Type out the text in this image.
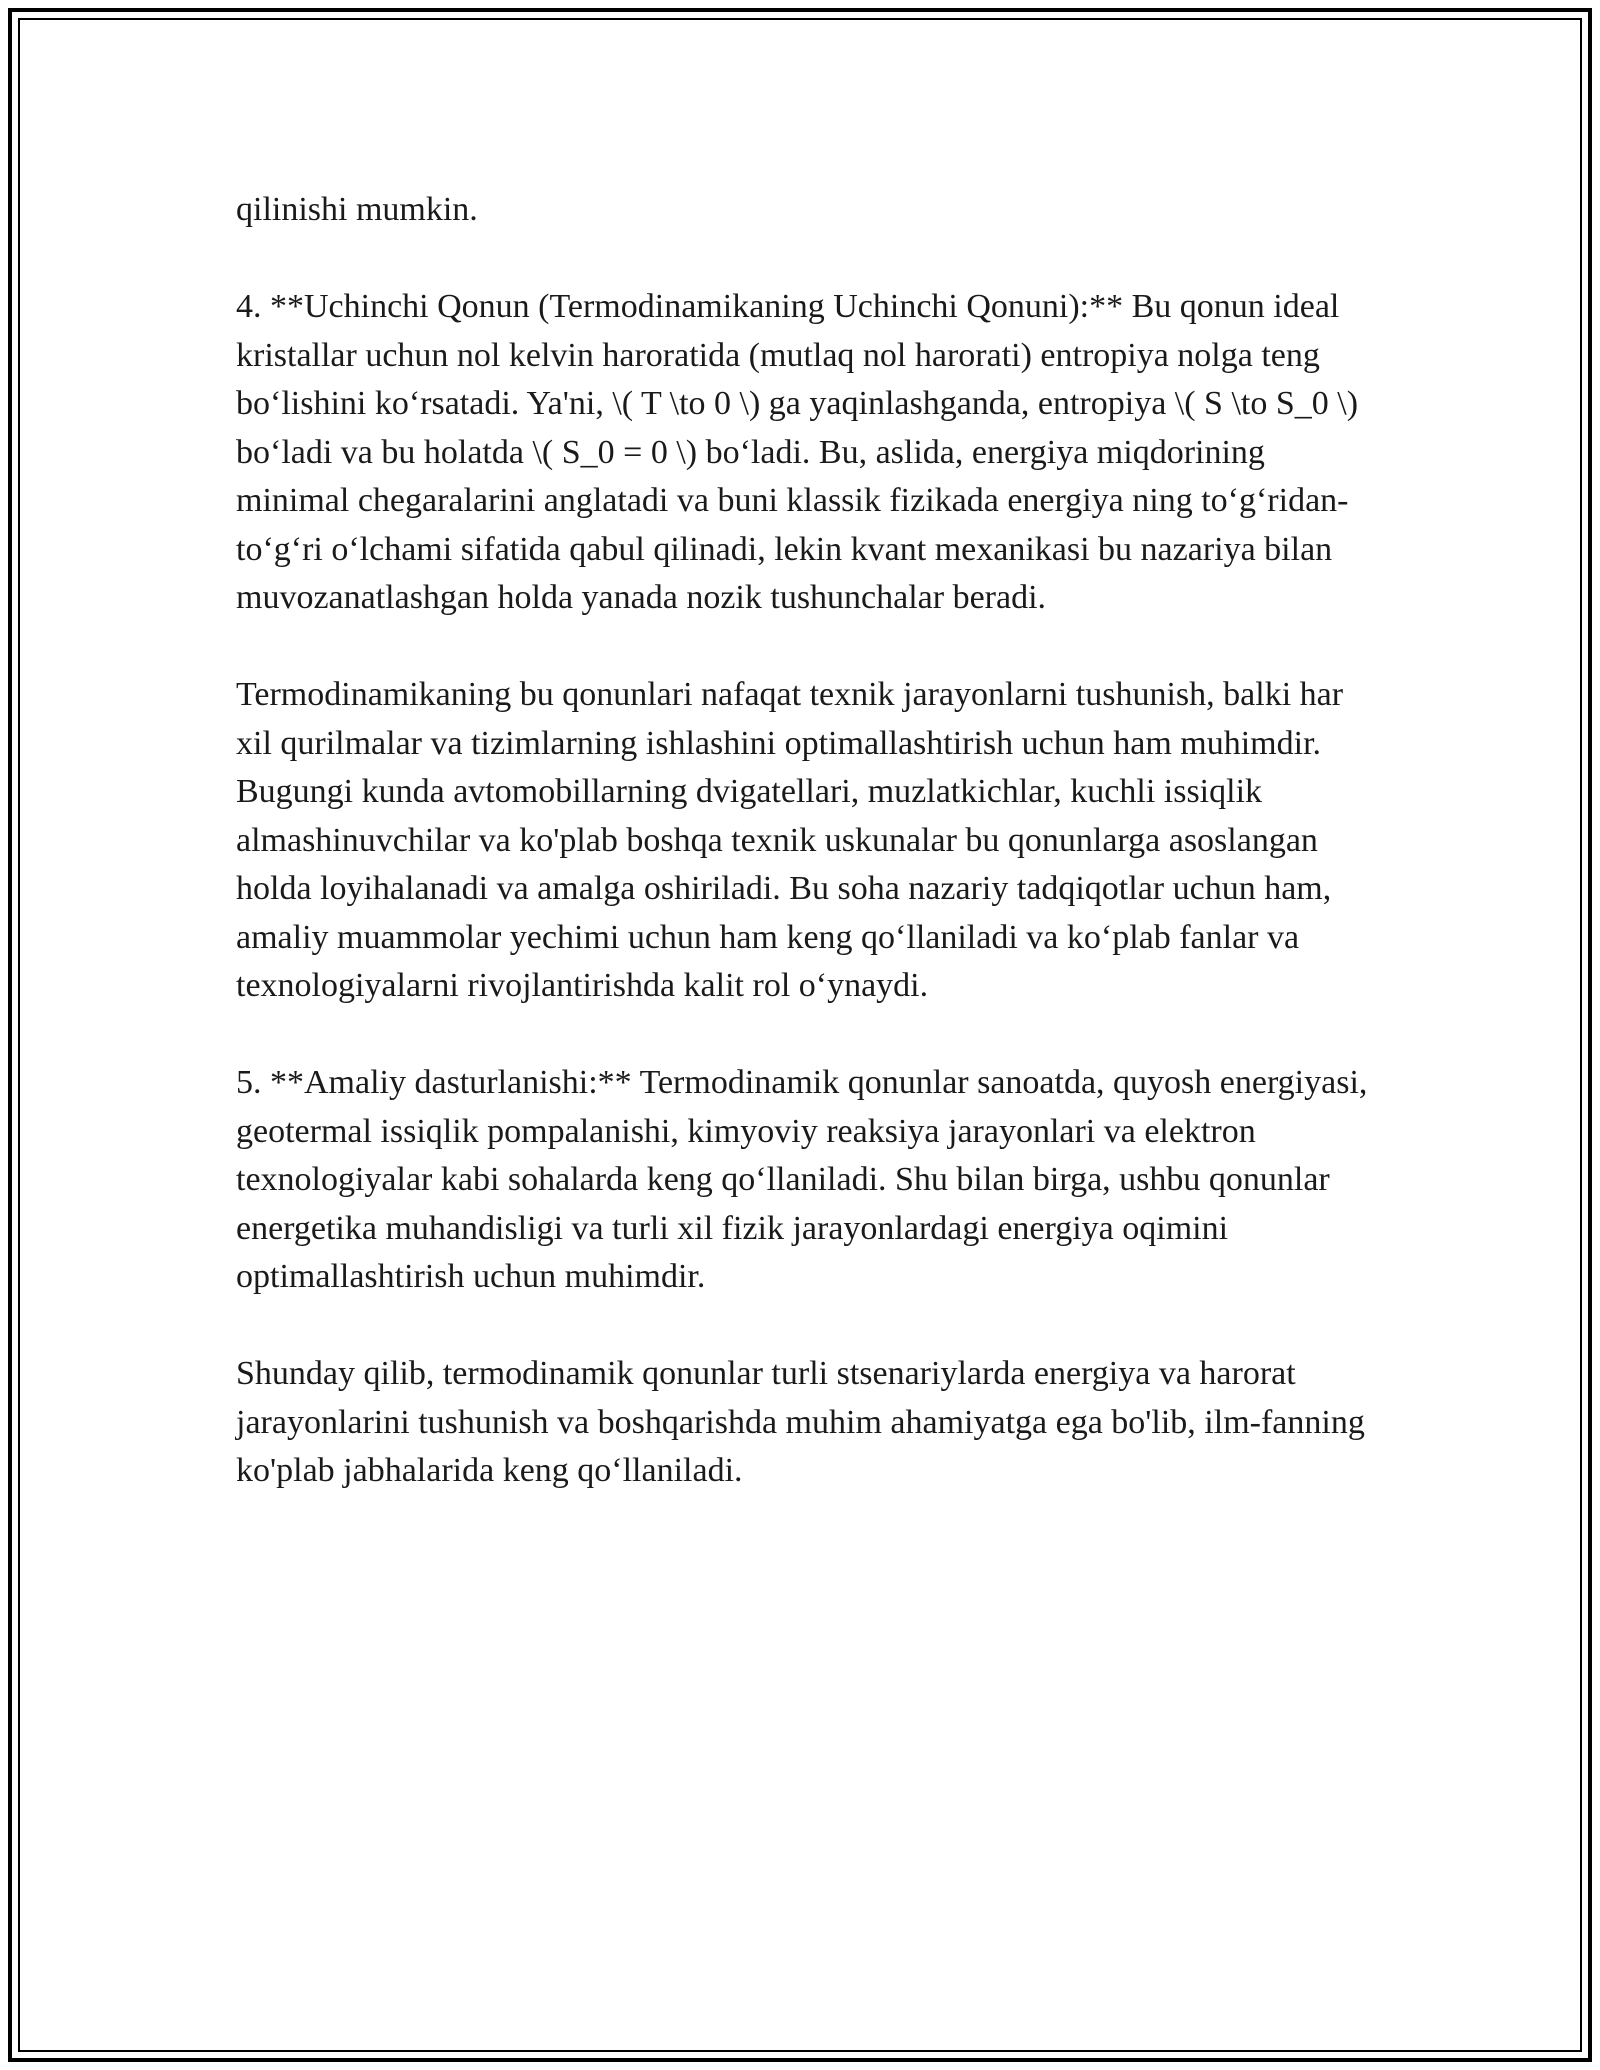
qilinishi mumkin.

4. **Uchinchi Qonun (Termodinamikaning Uchinchi Qonuni):** Bu qonun ideal kristallar uchun nol kelvin haroratida (mutlaq nol harorati) entropiya nolga teng bo‘lishini ko‘rsatadi. Ya'ni, \( T \to 0 \) ga yaqinlashganda, entropiya \( S \to S_0 \) bo‘ladi va bu holatda \( S_0 = 0 \) bo‘ladi. Bu, aslida, energiya miqdorining minimal chegaralarini anglatadi va buni klassik fizikada energiya ning to‘g‘ridan-to‘g‘ri o‘lchami sifatida qabul qilinadi, lekin kvant mexanikasi bu nazariya bilan muvozanatlashgan holda yanada nozik tushunchalar beradi.

Termodinamikaning bu qonunlari nafaqat texnik jarayonlarni tushunish, balki har xil qurilmalar va tizimlarning ishlashini optimallashtirish uchun ham muhimdir. Bugungi kunda avtomobillarning dvigatellari, muzlatkichlar, kuchli issiqlik almashinuvchilar va ko'plab boshqa texnik uskunalar bu qonunlarga asoslangan holda loyihalanadi va amalga oshiriladi. Bu soha nazariy tadqiqotlar uchun ham, amaliy muammolar yechimi uchun ham keng qo‘llaniladi va ko‘plab fanlar va texnologiyalarni rivojlantirishda kalit rol o‘ynaydi.

5. **Amaliy dasturlanishi:** Termodinamik qonunlar sanoatda, quyosh energiyasi, geotermal issiqlik pompalanishi, kimyoviy reaksiya jarayonlari va elektron texnologiyalar kabi sohalarda keng qo‘llaniladi. Shu bilan birga, ushbu qonunlar energetika muhandisligi va turli xil fizik jarayonlardagi energiya oqimini optimallashtirish uchun muhimdir.

Shunday qilib, termodinamik qonunlar turli stsenariylarda energiya va harorat jarayonlarini tushunish va boshqarishda muhim ahamiyatga ega bo'lib, ilm-fanning ko'plab jabhalarida keng qo‘llaniladi.
